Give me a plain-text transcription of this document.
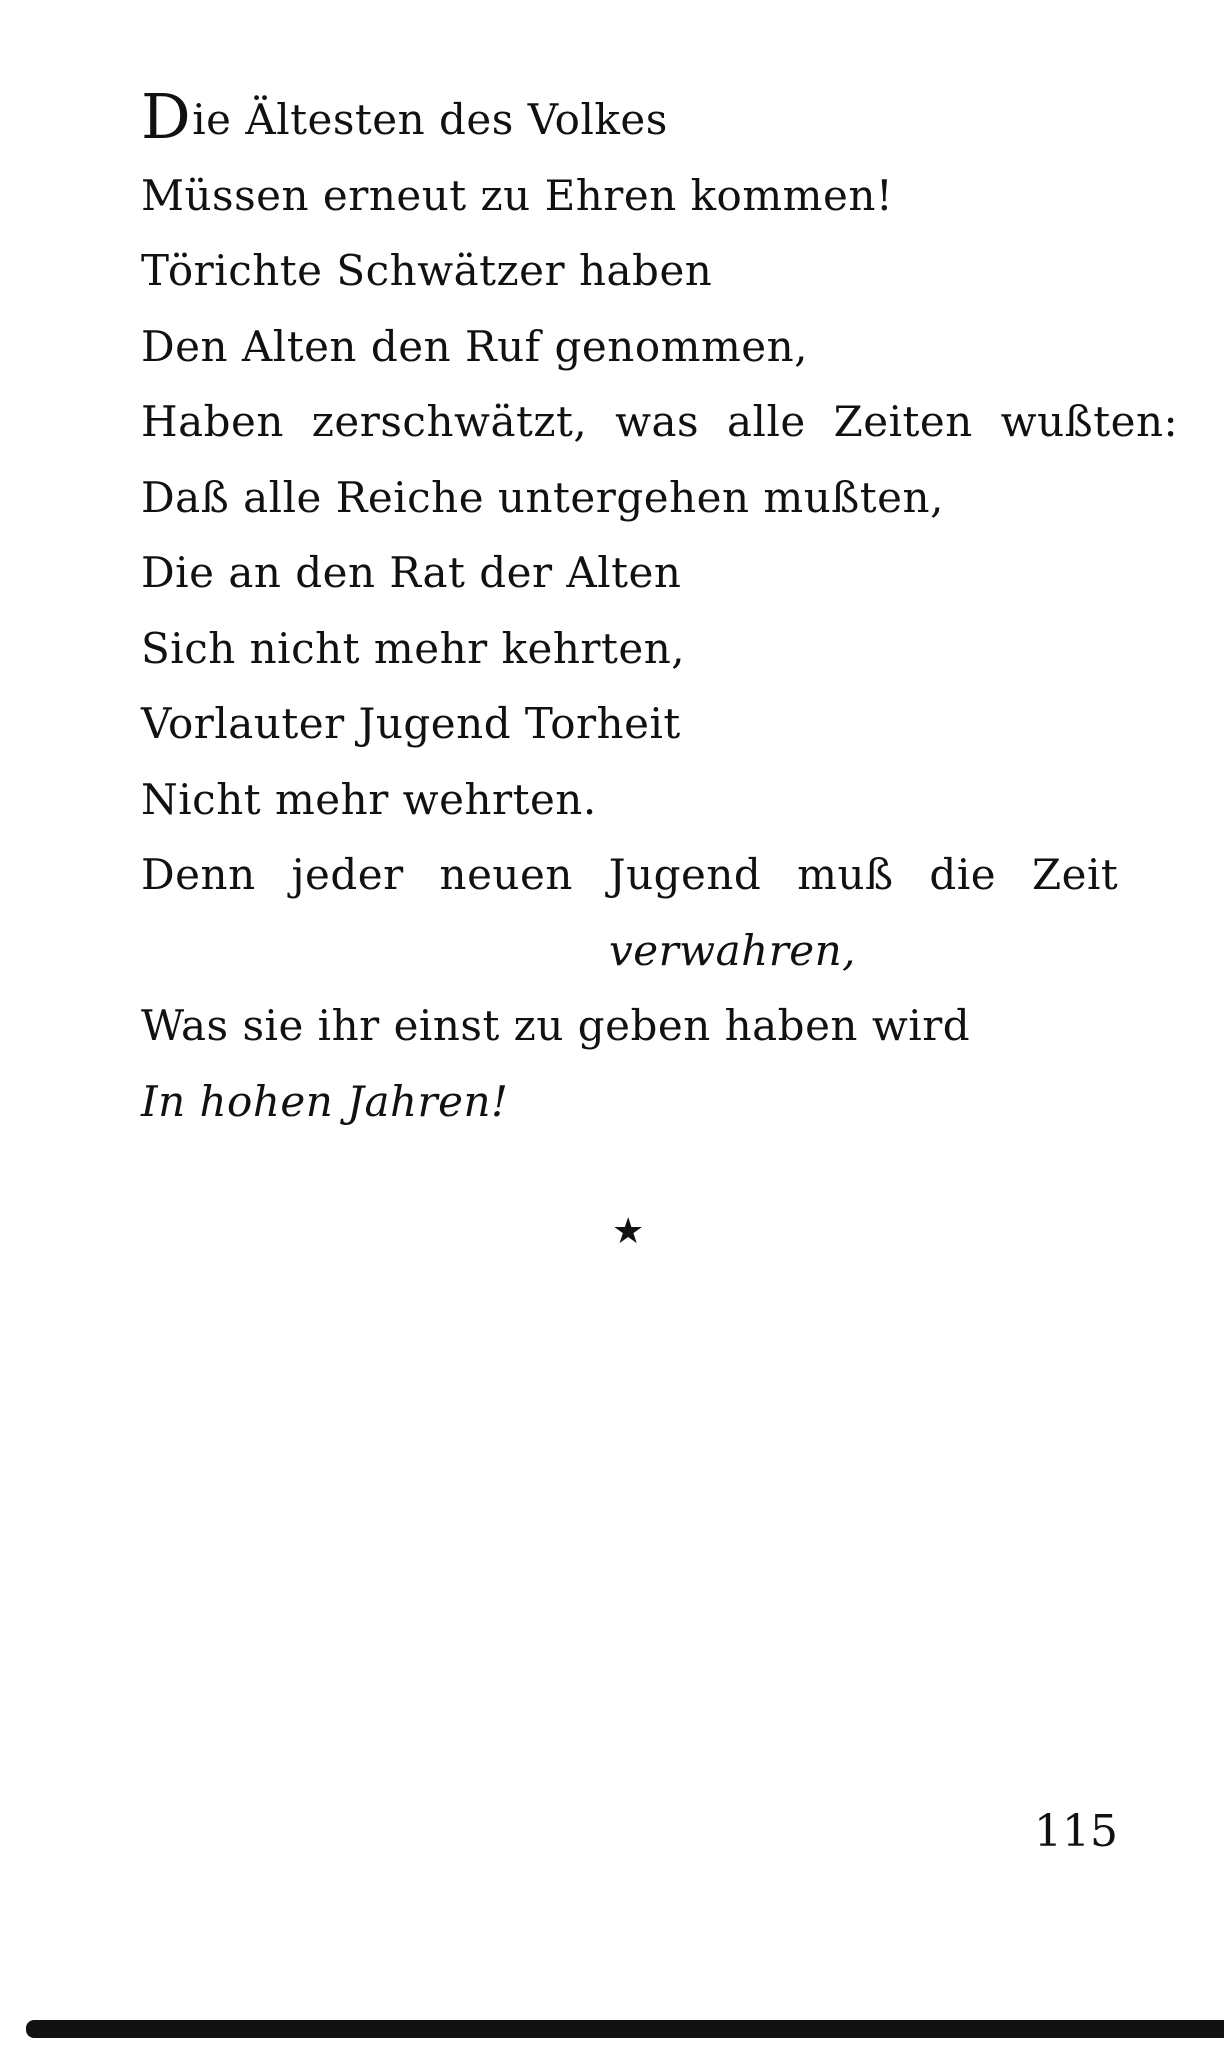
Die Ältesten des Volkes
Müssen erneut zu Ehren kommen!
Törichte Schwätzer haben
Den Alten den Ruf genommen,
Haben zerschwätzt, was alle Zeiten wußten:
Daß alle Reiche untergehen mußten,
Die an den Rat der Alten
Sich nicht mehr kehrten,
Vorlauter Jugend Torheit
Nicht mehr wehrten.
Denn jeder neuen Jugend muß die Zeit
verwahren,
Was sie ihr einst zu geben haben wird
In hohen Jahren!
★
115
